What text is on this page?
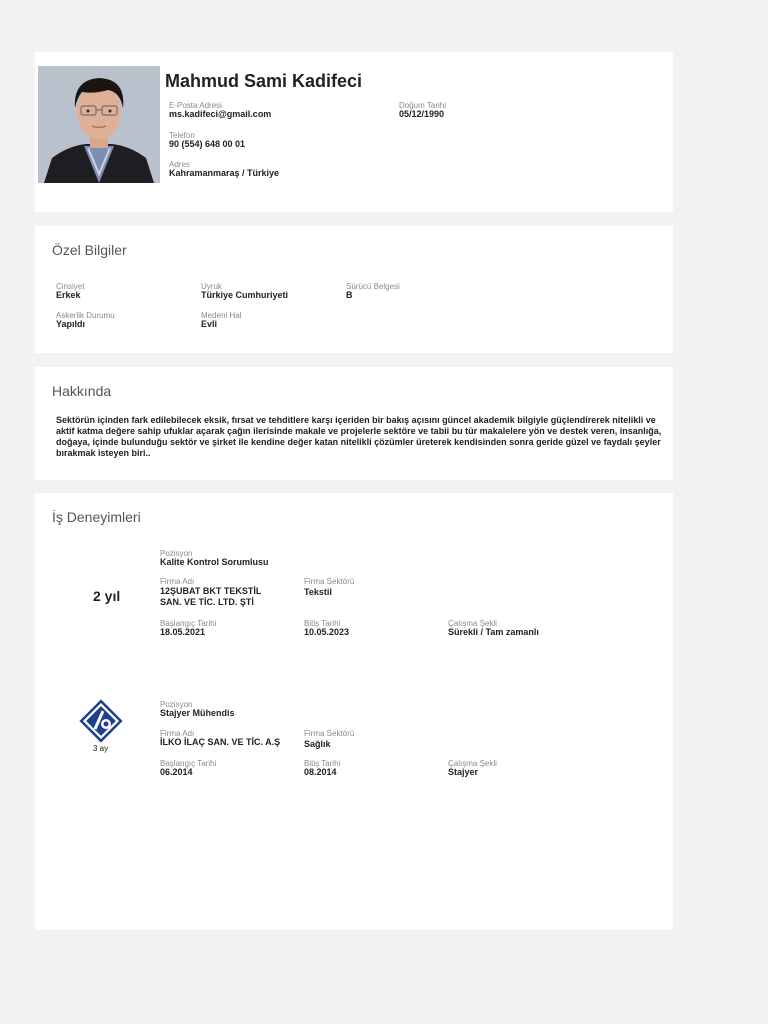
Mahmud Sami Kadifeci
E-Posta Adresi
ms.kadifeci@gmail.com
Doğum Tarihi
05/12/1990
Telefon
90 (554) 648 00 01
Adres
Kahramanmaraş / Türkiye
Özel Bilgiler
Cinsiyet
Erkek
Uyruk
Türkiye Cumhuriyeti
Sürücü Belgesi
B
Askerlik Durumu
Yapıldı
Medeni Hal
Evli
Hakkında
Sektörün içinden fark edilebilecek eksik, fırsat ve tehditlere karşı içeriden bir bakış açısını güncel akademik bilgiyle güçlendirerek nitelikli ve aktif katma değere sahip ufuklar açarak çağın ilerisinde makale ve projelerle sektöre ve tabii bu tür makalelere yön ve destek veren, insanlığa, doğaya, içinde bulunduğu sektör ve şirket ile kendine değer katan nitelikli çözümler üreterek kendisinden sonra geride güzel ve faydalı şeyler bırakmak isteyen biri..
İş Deneyimleri
2 yıl
Pozisyon
Kalite Kontrol Sorumlusu
Firma Adı
12ŞUBAT BKT TEKSTİL
SAN. VE TİC. LTD. ŞTİ
Firma Sektörü
Tekstil
Başlangıç Tarihi
18.05.2021
Bitiş Tarihi
10.05.2023
Çalışma Şekli
Sürekli / Tam zamanlı
3 ay
Pozisyon
Stajyer Mühendis
Firma Adı
İLKO İLAÇ SAN. VE TİC. A.Ş
Firma Sektörü
Sağlık
Başlangıç Tarihi
06.2014
Bitiş Tarihi
08.2014
Çalışma Şekli
Stajyer
